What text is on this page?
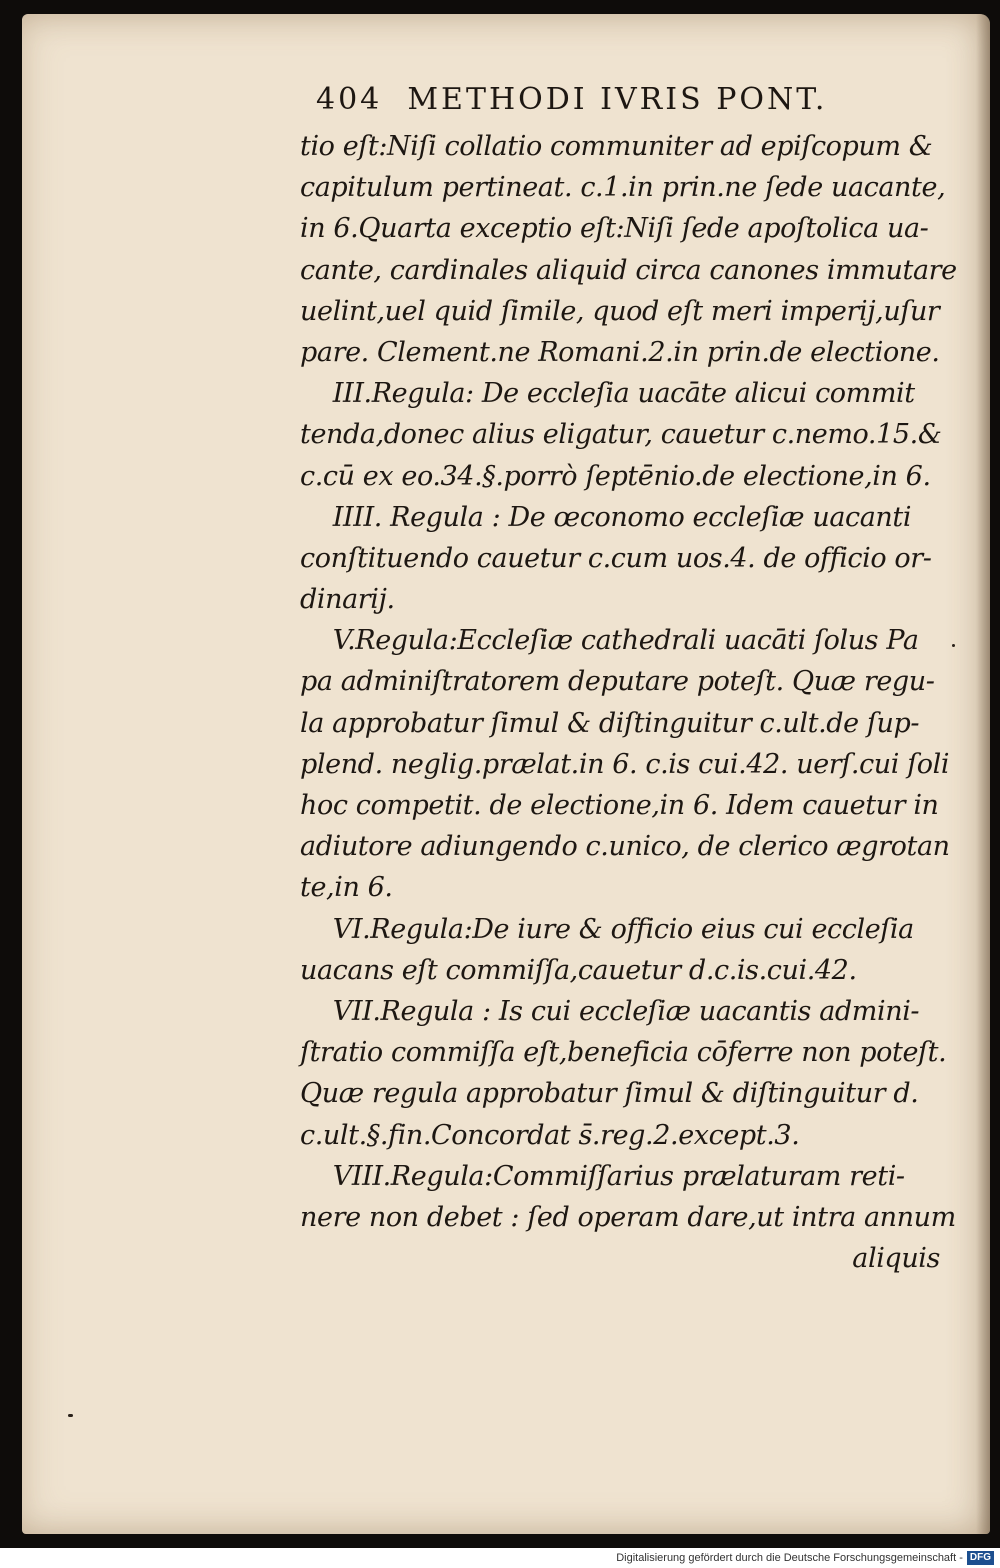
404 METHODI IVRIS PONT.
tio eſt:Niſi collatio communiter ad epiſcopum &
capitulum pertineat. c.1.in prin.ne ſede uacante,
in 6.Quarta exceptio eſt:Niſi ſede apoſtolica ua-
cante, cardinales aliquid circa canones immutare
uelint,uel quid ſimile, quod eſt meri imperij,uſur
pare. Clement.ne Romani.2.in prin.de electione.
III.Regula: De eccleſia uacāte alicui commit
tenda,donec alius eligatur, cauetur c.nemo.15.&
c.cū ex eo.34.§.porrò ſeptēnio.de electione,in 6.
IIII. Regula : De œconomo eccleſiæ uacanti
conſtituendo cauetur c.cum uos.4. de officio or-
dinarij.
V.Regula:Eccleſiæ cathedrali uacāti ſolus Pa
pa adminiſtratorem deputare poteſt. Quæ regu-
la approbatur ſimul & diſtinguitur c.ult.de ſup-
plend. neglig.prælat.in 6. c.is cui.42. uerſ.cui ſoli
hoc competit. de electione,in 6. Idem cauetur in
adiutore adiungendo c.unico, de clerico ægrotan
te,in 6.
VI.Regula:De iure & officio eius cui eccleſia
uacans eſt commiſſa,cauetur d.c.is.cui.42.
VII.Regula : Is cui eccleſiæ uacantis admini-
ſtratio commiſſa eſt,beneficia cōferre non poteſt.
Quæ regula approbatur ſimul & diſtinguitur d.
c.ult.§.fin.Concordat s̄.reg.2.except.3.
VIII.Regula:Commiſſarius prælaturam reti-
nere non debet : ſed operam dare,ut intra annum
aliquis
Digitalisierung gefördert durch die Deutsche Forschungsgemeinschaft - DFG
